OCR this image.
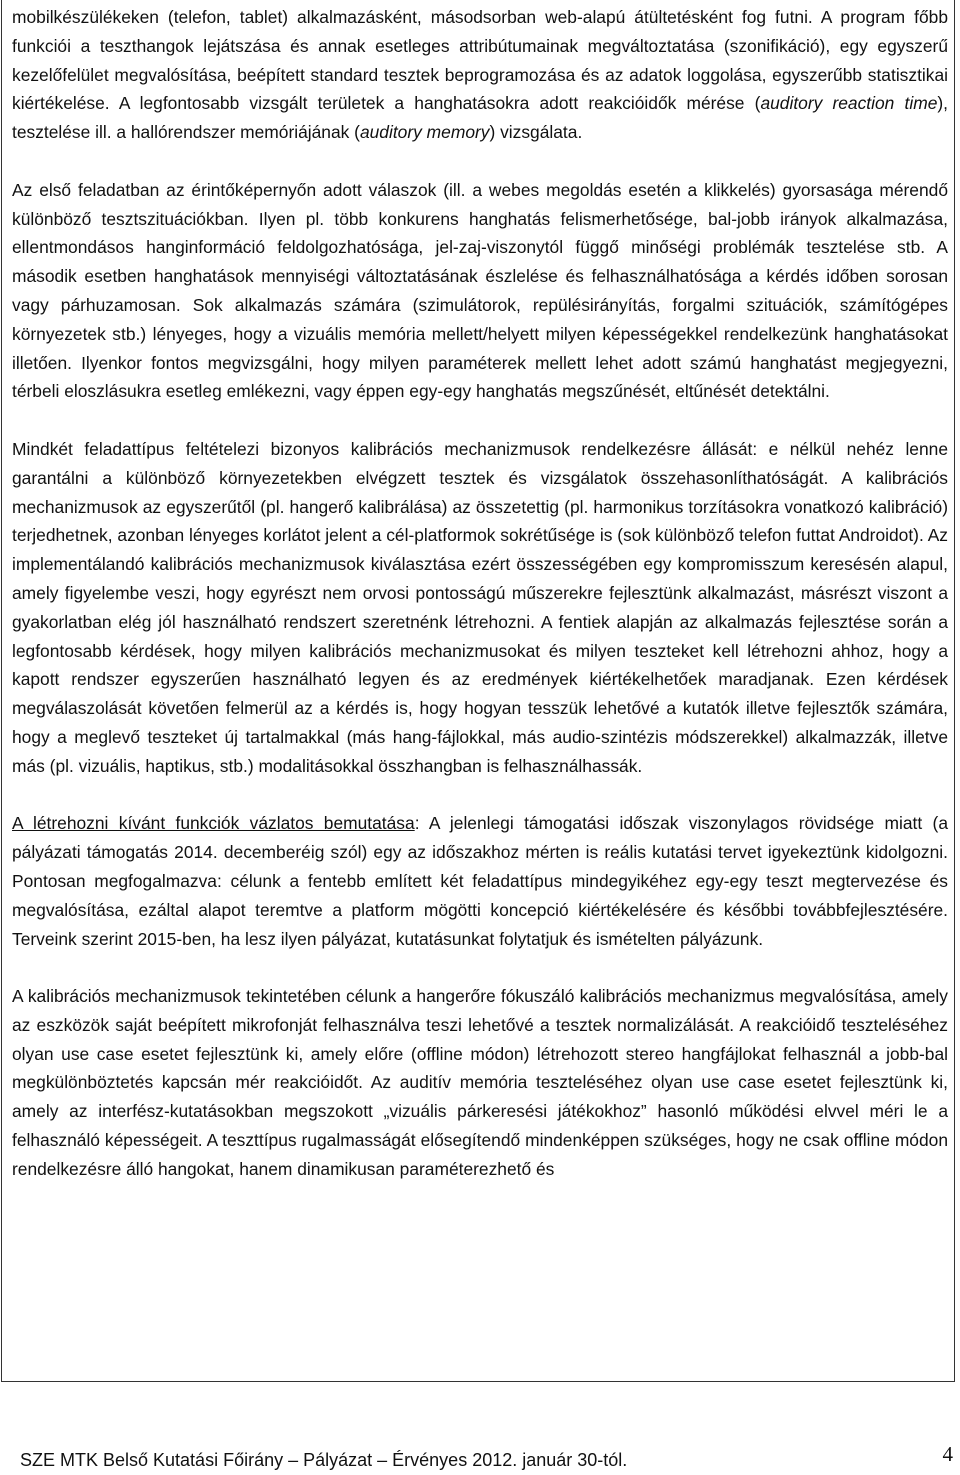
mobilkészülékeken (telefon, tablet) alkalmazásként, másodsorban web-alapú átültetésként fog futni. A program főbb funkciói a teszthangok lejátszása és annak esetleges attribútumainak megváltoztatása (szonifikáció), egy egyszerű kezelőfelület megvalósítása, beépített standard tesztek beprogramozása és az adatok loggolása, egyszerűbb statisztikai kiértékelése. A legfontosabb vizsgált területek a hanghatásokra adott reakcióidők mérése (auditory reaction time), tesztelése ill. a hallórendszer memóriájának (auditory memory) vizsgálata.

Az első feladatban az érintőképernyőn adott válaszok (ill. a webes megoldás esetén a klikkelés) gyorsasága mérendő különböző tesztszituációkban. Ilyen pl. több konkurens hanghatás felismerhetősége, bal-jobb irányok alkalmazása, ellentmondásos hanginformáció feldolgozhatósága, jel-zaj-viszonytól függő minőségi problémák tesztelése stb. A második esetben hanghatások mennyiségi változtatásának észlelése és felhasználhatósága a kérdés időben sorosan vagy párhuzamosan. Sok alkalmazás számára (szimulátorok, repülésirányítás, forgalmi szituációk, számítógépes környezetek stb.) lényeges, hogy a vizuális memória mellett/helyett milyen képességekkel rendelkezünk hanghatásokat illetően. Ilyenkor fontos megvizsgálni, hogy milyen paraméterek mellett lehet adott számú hanghatást megjegyezni, térbeli eloszlásukra esetleg emlékezni, vagy éppen egy-egy hanghatás megszűnését, eltűnését detektálni.

Mindkét feladattípus feltételezi bizonyos kalibrációs mechanizmusok rendelkezésre állását: e nélkül nehéz lenne garantálni a különböző környezetekben elvégzett tesztek és vizsgálatok összehasonlíthatóságát. A kalibrációs mechanizmusok az egyszerűtől (pl. hangerő kalibrálása) az összetettig (pl. harmonikus torzításokra vonatkozó kalibráció) terjedhetnek, azonban lényeges korlátot jelent a cél-platformok sokrétűsége is (sok különböző telefon futtat Androidot). Az implementálandó kalibrációs mechanizmusok kiválasztása ezért összességében egy kompromisszum keresésén alapul, amely figyelembe veszi, hogy egyrészt nem orvosi pontosságú műszerekre fejlesztünk alkalmazást, másrészt viszont a gyakorlatban elég jól használható rendszert szeretnénk létrehozni. A fentiek alapján az alkalmazás fejlesztése során a legfontosabb kérdések, hogy milyen kalibrációs mechanizmusokat és milyen teszteket kell létrehozni ahhoz, hogy a kapott rendszer egyszerűen használható legyen és az eredmények kiértékelhetőek maradjanak. Ezen kérdések megválaszolását követően felmerül az a kérdés is, hogy hogyan tesszük lehetővé a kutatók illetve fejlesztők számára, hogy a meglevő teszteket új tartalmakkal (más hang-fájlokkal, más audio-szintézis módszerekkel) alkalmazzák, illetve más (pl. vizuális, haptikus, stb.) modalitásokkal összhangban is felhasználhassák.

A létrehozni kívánt funkciók vázlatos bemutatása: A jelenlegi támogatási időszak viszonylagos rövidsége miatt (a pályázati támogatás 2014. decemberéig szól) egy az időszakhoz mérten is reális kutatási tervet igyekeztünk kidolgozni. Pontosan megfogalmazva: célunk a fentebb említett két feladattípus mindegyikéhez egy-egy teszt megtervezése és megvalósítása, ezáltal alapot teremtve a platform mögötti koncepció kiértékelésére és későbbi továbbfejlesztésére. Terveink szerint 2015-ben, ha lesz ilyen pályázat, kutatásunkat folytatjuk és ismételten pályázunk.

A kalibrációs mechanizmusok tekintetében célunk a hangerőre fókuszáló kalibrációs mechanizmus megvalósítása, amely az eszközök saját beépített mikrofonját felhasználva teszi lehetővé a tesztek normalizálását. A reakcióidő teszteléséhez olyan use case esetet fejlesztünk ki, amely előre (offline módon) létrehozott stereo hangfájlokat felhasznál a jobb-bal megkülönböztetés kapcsán mér reakcióidőt. Az auditív memória teszteléséhez olyan use case esetet fejlesztünk ki, amely az interfész-kutatásokban megszokott „vizuális párkeresési játékokhoz” hasonló működési elvvel méri le a felhasználó képességeit. A teszttípus rugalmasságát elősegítendő mindenképpen szükséges, hogy ne csak offline módon rendelkezésre álló hangokat, hanem dinamikusan paraméterezhető és

SZE MTK Belső Kutatási Főirány – Pályázat – Érvényes 2012. január 30-tól.	4
